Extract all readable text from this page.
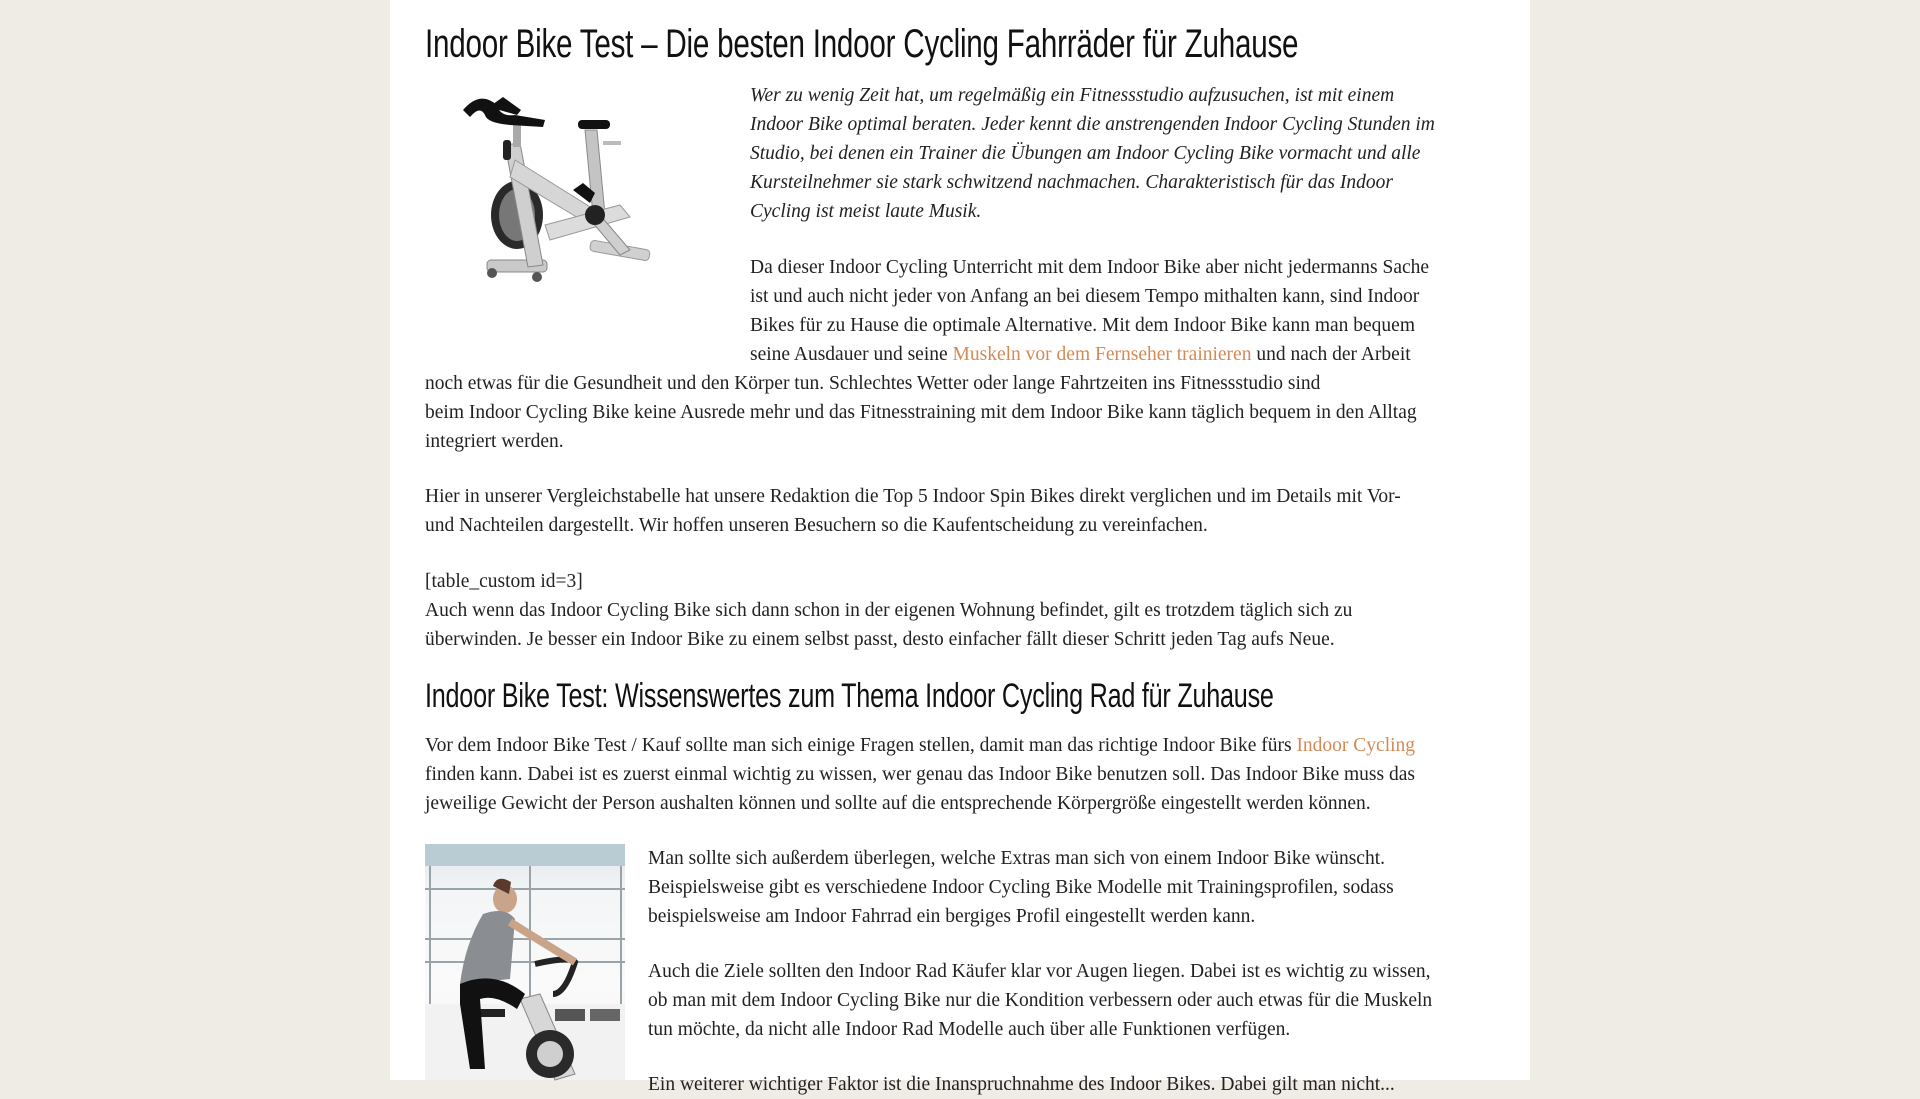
Indoor Bike Test – Die besten Indoor Cycling Fahrräder für Zuhause

Wer zu wenig Zeit hat, um regelmäßig ein Fitnessstudio aufzusuchen, ist mit einem
Indoor Bike optimal beraten. Jeder kennt die anstrengenden Indoor Cycling Stunden im
Studio, bei denen ein Trainer die Übungen am Indoor Cycling Bike vormacht und alle
Kursteilnehmer sie stark schwitzend nachmachen. Charakteristisch für das Indoor
Cycling ist meist laute Musik.

Da dieser Indoor Cycling Unterricht mit dem Indoor Bike aber nicht jedermanns Sache
ist und auch nicht jeder von Anfang an bei diesem Tempo mithalten kann, sind Indoor
Bikes für zu Hause die optimale Alternative. Mit dem Indoor Bike kann man bequem
seine Ausdauer und seine Muskeln vor dem Fernseher trainieren und nach der Arbeit

noch etwas für die Gesundheit und den Körper tun. Schlechtes Wetter oder lange Fahrtzeiten ins Fitnessstudio sind
beim Indoor Cycling Bike keine Ausrede mehr und das Fitnesstraining mit dem Indoor Bike kann täglich bequem in den Alltag
integriert werden.

Hier in unserer Vergleichstabelle hat unsere Redaktion die Top 5 Indoor Spin Bikes direkt verglichen und im Details mit Vor-
und Nachteilen dargestellt. Wir hoffen unseren Besuchern so die Kaufentscheidung zu vereinfachen.

[table_custom id=3]
Auch wenn das Indoor Cycling Bike sich dann schon in der eigenen Wohnung befindet, gilt es trotzdem täglich sich zu
überwinden. Je besser ein Indoor Bike zu einem selbst passt, desto einfacher fällt dieser Schritt jeden Tag aufs Neue.

Indoor Bike Test: Wissenswertes zum Thema Indoor Cycling Rad für Zuhause

Vor dem Indoor Bike Test / Kauf sollte man sich einige Fragen stellen, damit man das richtige Indoor Bike fürs Indoor Cycling
finden kann. Dabei ist es zuerst einmal wichtig zu wissen, wer genau das Indoor Bike benutzen soll. Das Indoor Bike muss das
jeweilige Gewicht der Person aushalten können und sollte auf die entsprechende Körpergröße eingestellt werden können.

Man sollte sich außerdem überlegen, welche Extras man sich von einem Indoor Bike wünscht.
Beispielsweise gibt es verschiedene Indoor Cycling Bike Modelle mit Trainingsprofilen, sodass
beispielsweise am Indoor Fahrrad ein bergiges Profil eingestellt werden kann.

Auch die Ziele sollten den Indoor Rad Käufer klar vor Augen liegen. Dabei ist es wichtig zu wissen,
ob man mit dem Indoor Cycling Bike nur die Kondition verbessern oder auch etwas für die Muskeln
tun möchte, da nicht alle Indoor Rad Modelle auch über alle Funktionen verfügen.

Ein weiterer wichtiger Faktor ist die Inanspruchnahme des Indoor Bikes. Dabei gilt man nicht...
